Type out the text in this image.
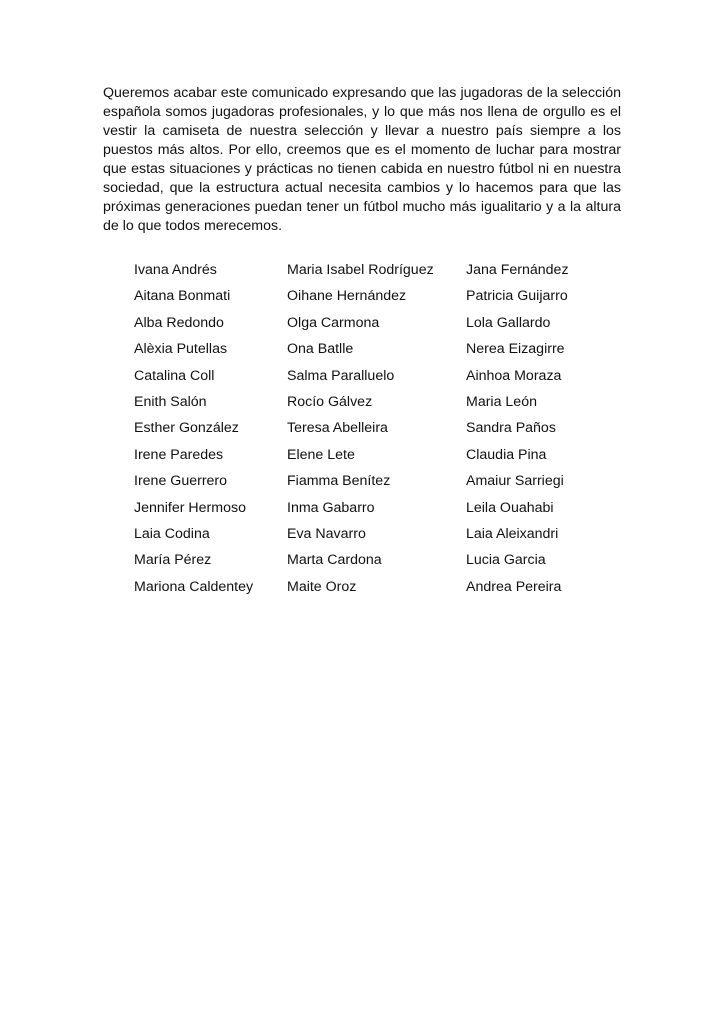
Queremos acabar este comunicado expresando que las jugadoras de la selección española somos jugadoras profesionales, y lo que más nos llena de orgullo es el vestir la camiseta de nuestra selección y llevar a nuestro país siempre a los puestos más altos. Por ello, creemos que es el momento de luchar para mostrar que estas situaciones y prácticas no tienen cabida en nuestro fútbol ni en nuestra sociedad, que la estructura actual necesita cambios y lo hacemos para que las próximas generaciones puedan tener un fútbol mucho más igualitario y a la altura de lo que todos merecemos.

Ivana Andrés
Aitana Bonmati
Alba Redondo
Alèxia Putellas
Catalina Coll
Enith Salón
Esther González
Irene Paredes
Irene Guerrero
Jennifer Hermoso
Laia Codina
María Pérez
Mariona Caldentey
Maria Isabel Rodríguez
Oihane Hernández
Olga Carmona
Ona Batlle
Salma Paralluelo
Rocío Gálvez
Teresa Abelleira
Elene Lete
Fiamma Benítez
Inma Gabarro
Eva Navarro
Marta Cardona
Maite Oroz
Jana Fernández
Patricia Guijarro
Lola Gallardo
Nerea Eizagirre
Ainhoa Moraza
Maria León
Sandra Paños
Claudia Pina
Amaiur Sarriegi
Leila Ouahabi
Laia Aleixandri
Lucia Garcia
Andrea Pereira
